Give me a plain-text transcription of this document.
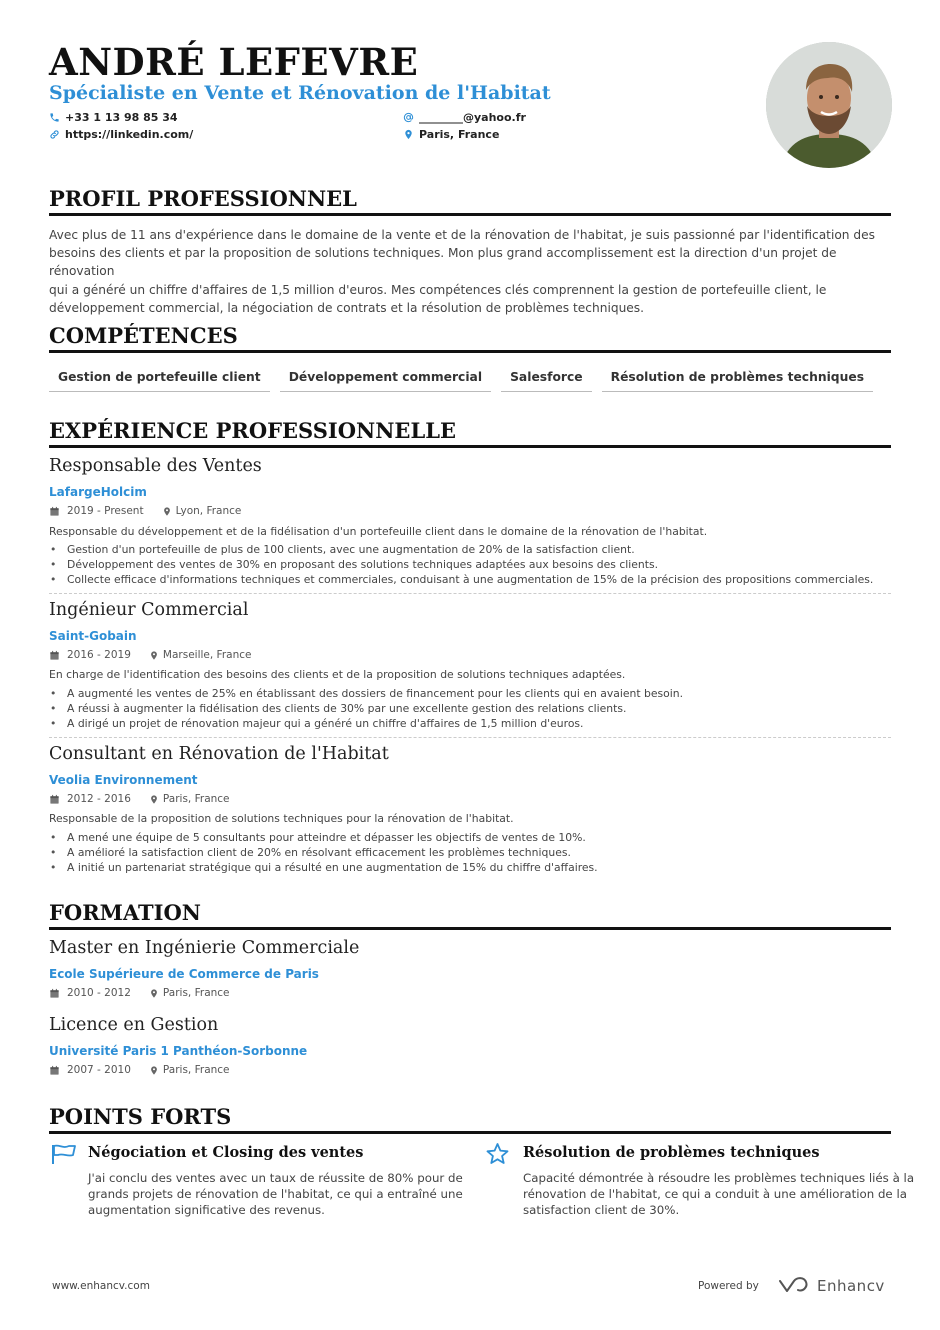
ANDRÉ LEFEVRE
Spécialiste en Vente et Rénovation de l'Habitat
+33 1 13 98 85 34
https://linkedin.com/
________@yahoo.fr
Paris, France
PROFIL PROFESSIONNEL
Avec plus de 11 ans d'expérience dans le domaine de la vente et de la rénovation de l'habitat, je suis passionné par l'identification des
besoins des clients et par la proposition de solutions techniques. Mon plus grand accomplissement est la direction d'un projet de rénovation
qui a généré un chiffre d'affaires de 1,5 million d'euros. Mes compétences clés comprennent la gestion de portefeuille client, le
développement commercial, la négociation de contrats et la résolution de problèmes techniques.
COMPÉTENCES
Gestion de portefeuille client	Développement commercial	Salesforce	Résolution de problèmes techniques
EXPÉRIENCE PROFESSIONNELLE
Responsable des Ventes
LafargeHolcim
2019 - Present	Lyon, France
Responsable du développement et de la fidélisation d'un portefeuille client dans le domaine de la rénovation de l'habitat.
• Gestion d'un portefeuille de plus de 100 clients, avec une augmentation de 20% de la satisfaction client.
• Développement des ventes de 30% en proposant des solutions techniques adaptées aux besoins des clients.
• Collecte efficace d'informations techniques et commerciales, conduisant à une augmentation de 15% de la précision des propositions commerciales.
Ingénieur Commercial
Saint-Gobain
2016 - 2019	Marseille, France
En charge de l'identification des besoins des clients et de la proposition de solutions techniques adaptées.
• A augmenté les ventes de 25% en établissant des dossiers de financement pour les clients qui en avaient besoin.
• A réussi à augmenter la fidélisation des clients de 30% par une excellente gestion des relations clients.
• A dirigé un projet de rénovation majeur qui a généré un chiffre d'affaires de 1,5 million d'euros.
Consultant en Rénovation de l'Habitat
Veolia Environnement
2012 - 2016	Paris, France
Responsable de la proposition de solutions techniques pour la rénovation de l'habitat.
• A mené une équipe de 5 consultants pour atteindre et dépasser les objectifs de ventes de 10%.
• A amélioré la satisfaction client de 20% en résolvant efficacement les problèmes techniques.
• A initié un partenariat stratégique qui a résulté en une augmentation de 15% du chiffre d'affaires.
FORMATION
Master en Ingénierie Commerciale
Ecole Supérieure de Commerce de Paris
2010 - 2012	Paris, France
Licence en Gestion
Université Paris 1 Panthéon-Sorbonne
2007 - 2010	Paris, France
POINTS FORTS
Négociation et Closing des ventes
J'ai conclu des ventes avec un taux de réussite de 80% pour de
grands projets de rénovation de l'habitat, ce qui a entraîné une
augmentation significative des revenus.
Résolution de problèmes techniques
Capacité démontrée à résoudre les problèmes techniques liés à la
rénovation de l'habitat, ce qui a conduit à une amélioration de la
satisfaction client de 30%.
www.enhancv.com	Powered by	Enhancv
